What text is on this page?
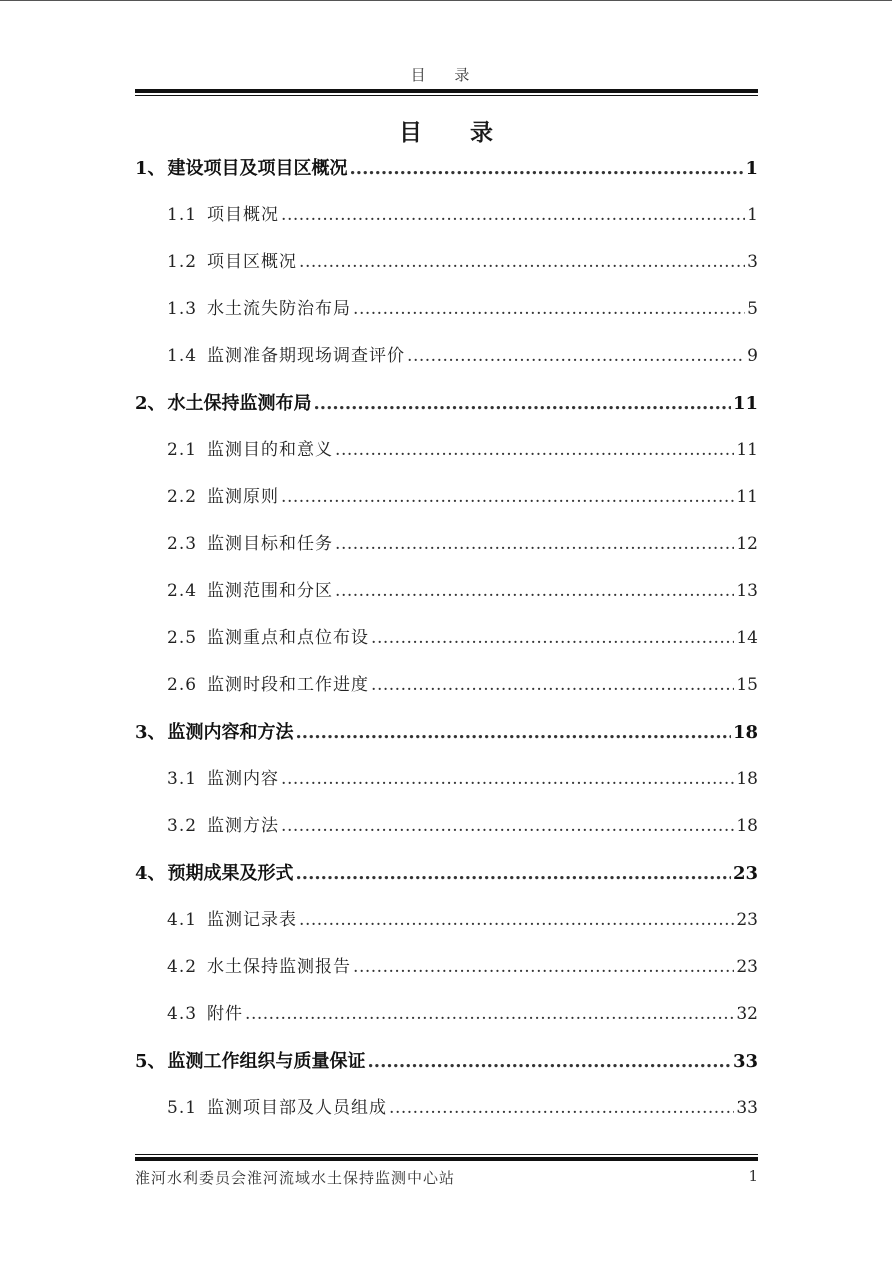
目 录
目 录
1、 建设项目及项目区概况 .....	1
1.1 项目概况 .....	1
1.2 项目区概况 .....	3
1.3 水土流失防治布局 .....	5
1.4 监测准备期现场调查评价 .....	9
2、 水土保持监测布局 .....	11
2.1 监测目的和意义 .....	11
2.2 监测原则 .....	11
2.3 监测目标和任务 .....	12
2.4 监测范围和分区 .....	13
2.5 监测重点和点位布设 .....	14
2.6 监测时段和工作进度 .....	15
3、 监测内容和方法 .....	18
3.1 监测内容 .....	18
3.2 监测方法 .....	18
4、 预期成果及形式 .....	23
4.1 监测记录表 .....	23
4.2 水土保持监测报告 .....	23
4.3 附件 .....	32
5、 监测工作组织与质量保证 .....	33
5.1 监测项目部及人员组成 .....	33
淮河水利委员会淮河流域水土保持监测中心站	1
